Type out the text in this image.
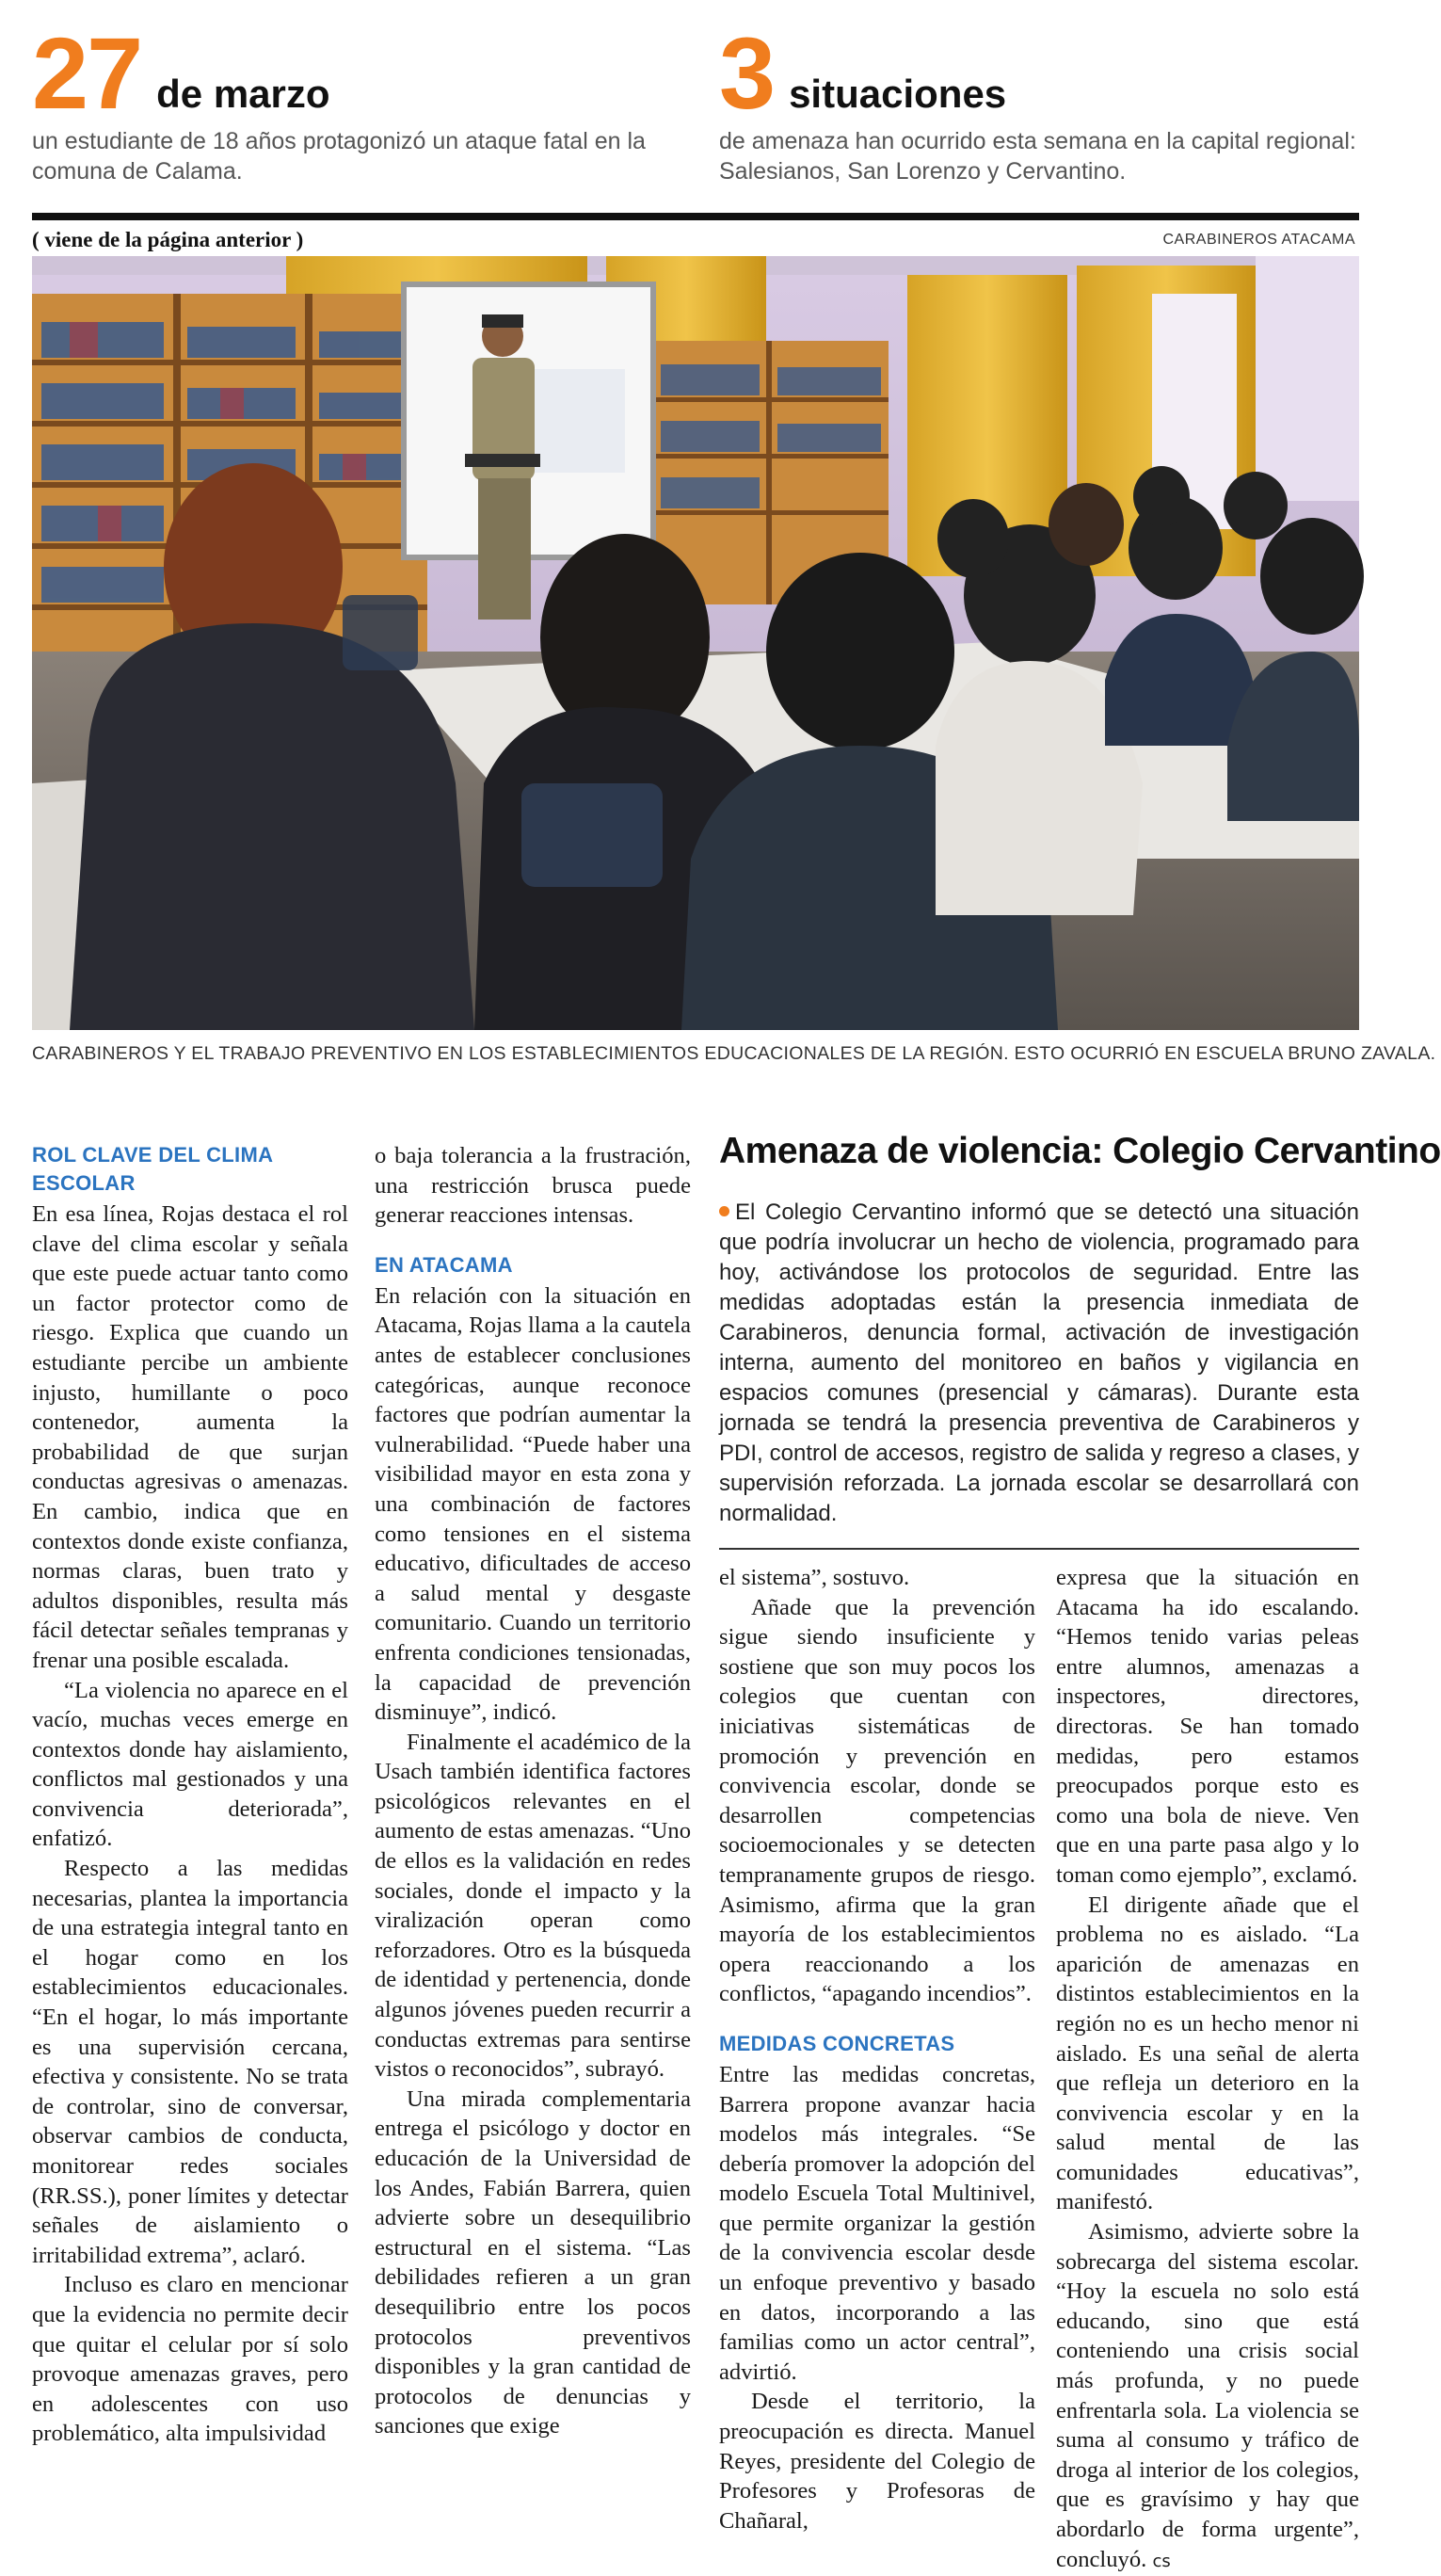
27 de marzo
un estudiante de 18 años protagonizó un ataque fatal en la comuna de Calama.
3 situaciones
de amenaza han ocurrido esta semana en la capital regional: Salesianos, San Lorenzo y Cervantino.
( viene de la página anterior )	CARABINEROS ATACAMA
CARABINEROS Y EL TRABAJO PREVENTIVO EN LOS ESTABLECIMIENTOS EDUCACIONALES DE LA REGIÓN. ESTO OCURRIÓ EN ESCUELA BRUNO ZAVALA.
ROL CLAVE DEL CLIMA ESCOLAR

En esa línea, Rojas destaca el rol clave del clima escolar y señala que este puede actuar tanto como un factor protector como de riesgo. Explica que cuando un estudiante percibe un ambiente injusto, humillante o poco contenedor, aumenta la probabilidad de que surjan conductas agresivas o amenazas. En cambio, indica que en contextos donde existe confianza, normas claras, buen trato y adultos disponibles, resulta más fácil detectar señales tempranas y frenar una posible escalada.

“La violencia no aparece en el vacío, muchas veces emerge en contextos donde hay aislamiento, conflictos mal gestionados y una convivencia deteriorada”, enfatizó.

Respecto a las medidas necesarias, plantea la importancia de una estrategia integral tanto en el hogar como en los establecimientos educacionales. “En el hogar, lo más importante es una supervisión cercana, efectiva y consistente. No se trata de controlar, sino de conversar, observar cambios de conducta, monitorear redes sociales (RR.SS.), poner límites y detectar señales de aislamiento o irritabilidad extrema”, aclaró.

Incluso es claro en mencionar que la evidencia no permite decir que quitar el celular por sí solo provoque amenazas graves, pero en adolescentes con uso problemático, alta impulsividad

o baja tolerancia a la frustración, una restricción brusca puede generar reacciones intensas.

EN ATACAMA

En relación con la situación en Atacama, Rojas llama a la cautela antes de establecer conclusiones categóricas, aunque reconoce factores que podrían aumentar la vulnerabilidad. “Puede haber una visibilidad mayor en esta zona y una combinación de factores como tensiones en el sistema educativo, dificultades de acceso a salud mental y desgaste comunitario. Cuando un territorio enfrenta condiciones tensionadas, la capacidad de prevención disminuye”, indicó.

Finalmente el académico de la Usach también identifica factores psicológicos relevantes en el aumento de estas amenazas. “Uno de ellos es la validación en redes sociales, donde el impacto y la viralización operan como reforzadores. Otro es la búsqueda de identidad y pertenencia, donde algunos jóvenes pueden recurrir a conductas extremas para sentirse vistos o reconocidos”, subrayó.

Una mirada complementaria entrega el psicólogo y doctor en educación de la Universidad de los Andes, Fabián Barrera, quien advierte sobre un desequilibrio estructural en el sistema. “Las debilidades refieren a un gran desequilibrio entre los pocos protocolos preventivos disponibles y la gran cantidad de protocolos de denuncias y sanciones que exige

Amenaza de violencia: Colegio Cervantino
El Colegio Cervantino informó que se detectó una situación que podría involucrar un hecho de violencia, programado para hoy, activándose los protocolos de seguridad. Entre las medidas adoptadas están la presencia inmediata de Carabineros, denuncia formal, activación de investigación interna, aumento del monitoreo en baños y vigilancia en espacios comunes (presencial y cámaras). Durante esta jornada se tendrá la presencia preventiva de Carabineros y PDI, control de accesos, registro de salida y regreso a clases, y supervisión reforzada. La jornada escolar se desarrollará con normalidad.

el sistema”, sostuvo.

Añade que la prevención sigue siendo insuficiente y sostiene que son muy pocos los colegios que cuentan con iniciativas sistemáticas de promoción y prevención en convivencia escolar, donde se desarrollen competencias socioemocionales y se detecten tempranamente grupos de riesgo. Asimismo, afirma que la gran mayoría de los establecimientos opera reaccionando a los conflictos, “apagando incendios”.

MEDIDAS CONCRETAS

Entre las medidas concretas, Barrera propone avanzar hacia modelos más integrales. “Se debería promover la adopción del modelo Escuela Total Multinivel, que permite organizar la gestión de la convivencia escolar desde un enfoque preventivo y basado en datos, incorporando a las familias como un actor central”, advirtió.

Desde el territorio, la preocupación es directa. Manuel Reyes, presidente del Colegio de Profesores y Profesoras de Chañaral,

expresa que la situación en Atacama ha ido escalando. “Hemos tenido varias peleas entre alumnos, amenazas a inspectores, directores, directoras. Se han tomado medidas, pero estamos preocupados porque esto es como una bola de nieve. Ven que en una parte pasa algo y lo toman como ejemplo”, exclamó.

El dirigente añade que el problema no es aislado. “La aparición de amenazas en distintos establecimientos en la región no es un hecho menor ni aislado. Es una señal de alerta que refleja un deterioro en la convivencia escolar y en la salud mental de las comunidades educativas”, manifestó.

Asimismo, advierte sobre la sobrecarga del sistema escolar. “Hoy la escuela no solo está educando, sino que está conteniendo una crisis social más profunda, y no puede enfrentarla sola. La violencia se suma al consumo y tráfico de droga al interior de los colegios, que es gravísimo y hay que abordarlo de forma urgente”, concluyó. cs
